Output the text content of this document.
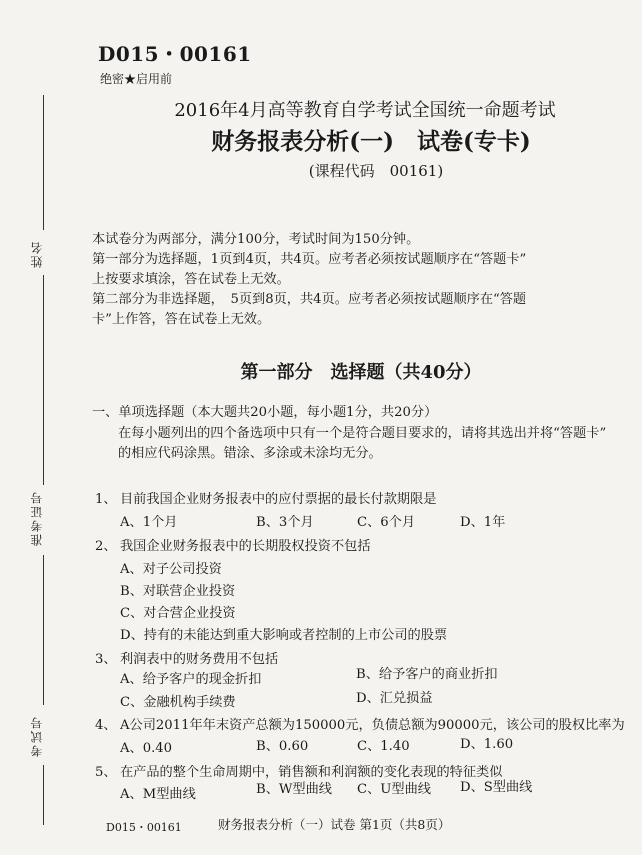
D015・00161
绝密★启用前
2016年4月高等教育自学考试全国统一命题考试
财务报表分析(一)　试卷(专卡)
(课程代码　00161)
姓名
准考证号
考试号
本试卷分为两部分，满分100分，考试时间为150分钟。
第一部分为选择题，1页到4页，共4页。应考者必须按试题顺序在“答题卡”
上按要求填涂，答在试卷上无效。
第二部分为非选择题，　5页到8页，共4页。应考者必须按试题顺序在“答题
卡”上作答，答在试卷上无效。
第一部分　选择题（共40分）
一、单项选择题（本大题共20小题，每小题1分，共20分）
在每小题列出的四个备选项中只有一个是符合题目要求的，请将其选出并将“答题卡”
的相应代码涂黑。错涂、多涂或未涂均无分。
1、 目前我国企业财务报表中的应付票据的最长付款期限是
A、1个月	B、3个月	C、6个月	D、1年
2、 我国企业财务报表中的长期股权投资不包括
A、对子公司投资
B、对联营企业投资
C、对合营企业投资
D、持有的未能达到重大影响或者控制的上市公司的股票
3、 利润表中的财务费用不包括
A、给予客户的现金折扣	B、给予客户的商业折扣
C、金融机构手续费	D、汇兑损益
4、 A公司2011年年末资产总额为150000元，负债总额为90000元，该公司的股权比率为
A、0.40	B、0.60	C、1.40	D、1.60
5、 在产品的整个生命周期中，销售额和利润额的变化表现的特征类似
A、M型曲线	B、W型曲线 C、U型曲线 D、S型曲线
D015・00161	财务报表分析（一）试卷 第1页（共8页）
